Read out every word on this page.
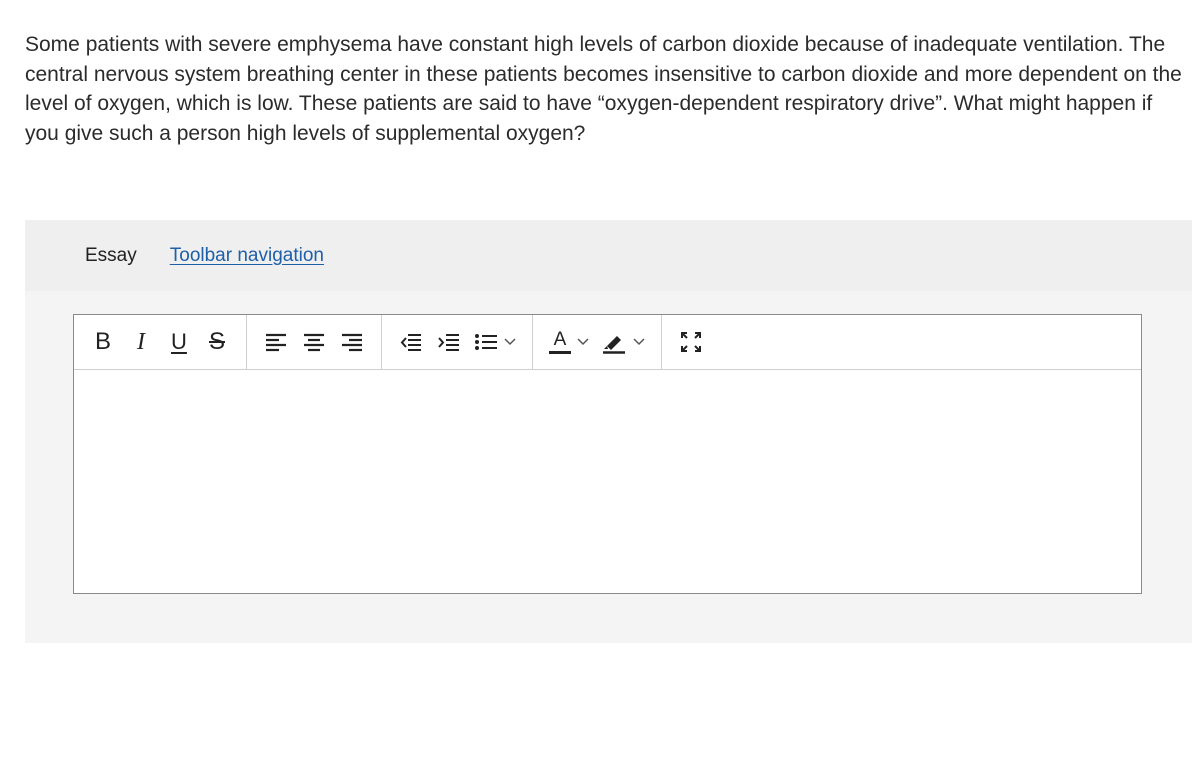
Some patients with severe emphysema have constant high levels of carbon dioxide because of inadequate ventilation. The central nervous system breathing center in these patients becomes insensitive to carbon dioxide and more dependent on the level of oxygen, which is low. These patients are said to have “oxygen-dependent respiratory drive”. What might happen if you give such a person high levels of supplemental oxygen?

Essay Toolbar navigation
B I U S	A
